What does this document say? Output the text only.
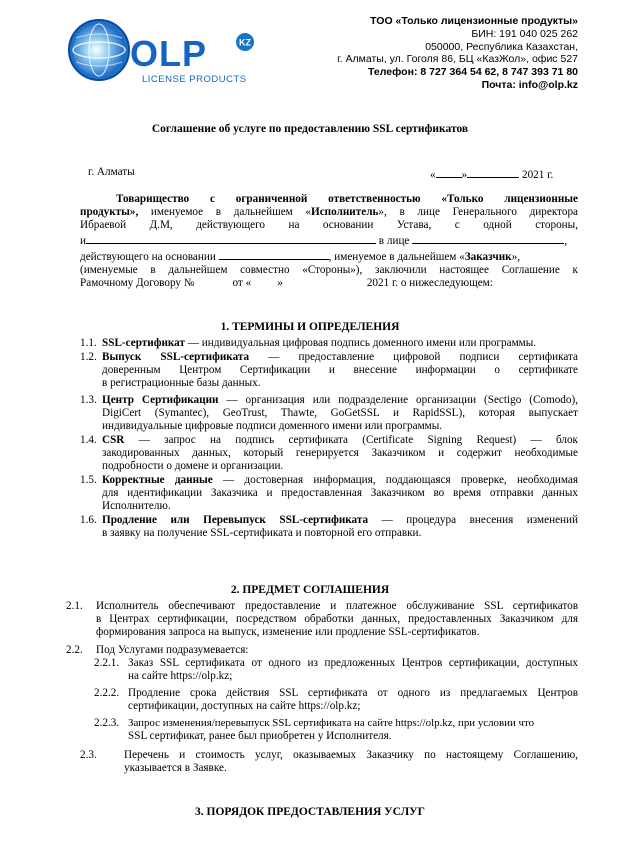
OLP	KZ
LICENSE PRODUCTS
ТОО «Только лицензионные продукты»
БИН: 191 040 025 262
050000, Республика Казахстан,
г. Алматы, ул. Гоголя 86, БЦ «КазЖол», офис 527
Телефон: 8 727 364 54 62, 8 747 393 71 80
Почта: info@olp.kz
Соглашение об услуге по предоставлению SSL сертификатов
г. Алматы	« »	2021 г.
Товарищество с ограниченной ответственностью «Только лицензионные
продукты», именуемое в дальнейшем «Исполнитель», в лице Генерального директора
Ибраевой Д.М, действующего на основании Устава, с одной стороны,
и	в лице	,
действующего на основании	, именуемое в дальнейшем «Заказчик»,
(именуемые в дальнейшем совместно «Стороны»), заключили настоящее Соглашение к
Рамочному Договору №	от « »	2021 г. о нижеследующем:
1. ТЕРМИНЫ И ОПРЕДЕЛЕНИЯ
1.1. SSL-сертификат — индивидуальная цифровая подпись доменного имени или программы.
1.2. Выпуск SSL-сертификата — предоставление цифровой подписи сертификата
доверенным Центром Сертификации и внесение информации о сертификате
в регистрационные базы данных.
1.3. Центр Сертификации — организация или подразделение организации (Sectigo (Comodo),
DigiCert (Symantec), GeoTrust, Thawte, GoGetSSL и RapidSSL), которая выпускает
индивидуальные цифровые подписи доменного имени или программы.
1.4. CSR — запрос на подпись сертификата (Certificate Signing Request) — блок
закодированных данных, который генерируется Заказчиком и содержит необходимые
подробности о домене и организации.
1.5. Корректные данные — достоверная информация, поддающаяся проверке, необходимая
для идентификации Заказчика и предоставленная Заказчиком во время отправки данных
Исполнителю.
1.6. Продление или Перевыпуск SSL-сертификата — процедура внесения изменений
в заявку на получение SSL-сертификата и повторной его отправки.
2. ПРЕДМЕТ СОГЛАШЕНИЯ
2.1. Исполнитель обеспечивают предоставление и платежное обслуживание SSL сертификатов
в Центрах сертификации, посредством обработки данных, предоставленных Заказчиком для
формирования запроса на выпуск, изменение или продление SSL-сертификатов.
2.2. Под Услугами подразумевается:
2.2.1. Заказ SSL сертификата от одного из предложенных Центров сертификации, доступных
на сайте https://olp.kz;
2.2.2. Продление срока действия SSL сертификата от одного из предлагаемых Центров
сертификации, доступных на сайте https://olp.kz;
2.2.3. Запрос изменения/перевыпуск SSL сертификата на сайте https://olp.kz, при условии что
SSL сертификат, ранее был приобретен у Исполнителя.
2.3. Перечень и стоимость услуг, оказываемых Заказчику по настоящему Соглашению,
указывается в Заявке.
3. ПОРЯДОК ПРЕДОСТАВЛЕНИЯ УСЛУГ
